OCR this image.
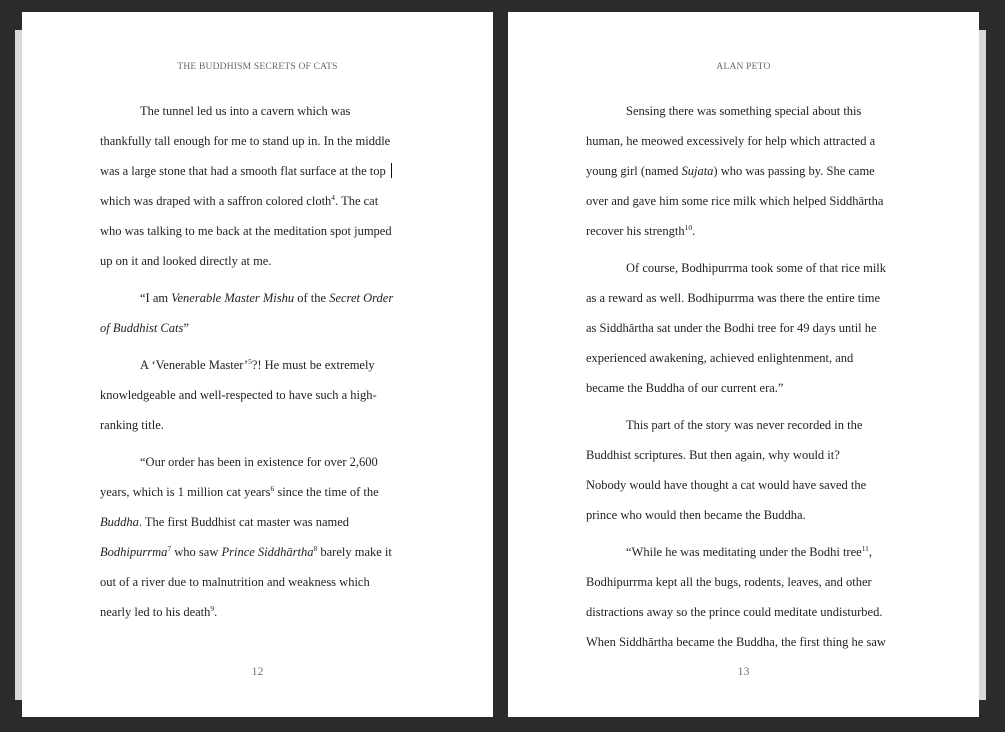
THE BUDDHISM SECRETS OF CATS
The tunnel led us into a cavern which was
thankfully tall enough for me to stand up in. In the middle
was a large stone that had a smooth flat surface at the top
which was draped with a saffron colored cloth$^4$. The cat
who was talking to me back at the meditation spot jumped
up on it and looked directly at me.
“I am Venerable Master Mishu of the Secret Order
of Buddhist Cats”
A ‘Venerable Master’$^5$?! He must be extremely
knowledgeable and well-respected to have such a high-
ranking title.
“Our order has been in existence for over 2,600
years, which is 1 million cat years$^6$ since the time of the
Buddha. The first Buddhist cat master was named
Bodhipurrma$^7$ who saw Prince Siddhārtha$^8$ barely make it
out of a river due to malnutrition and weakness which
nearly led to his death$^9$.
12
ALAN PETO
Sensing there was something special about this
human, he meowed excessively for help which attracted a
young girl (named Sujata) who was passing by. She came
over and gave him some rice milk which helped Siddhārtha
recover his strength$^{10}$.
Of course, Bodhipurrma took some of that rice milk
as a reward as well. Bodhipurrma was there the entire time
as Siddhārtha sat under the Bodhi tree for 49 days until he
experienced awakening, achieved enlightenment, and
became the Buddha of our current era.”
This part of the story was never recorded in the
Buddhist scriptures. But then again, why would it?
Nobody would have thought a cat would have saved the
prince who would then became the Buddha.
“While he was meditating under the Bodhi tree$^{11}$,
Bodhipurrma kept all the bugs, rodents, leaves, and other
distractions away so the prince could meditate undisturbed.
When Siddhārtha became the Buddha, the first thing he saw
13
